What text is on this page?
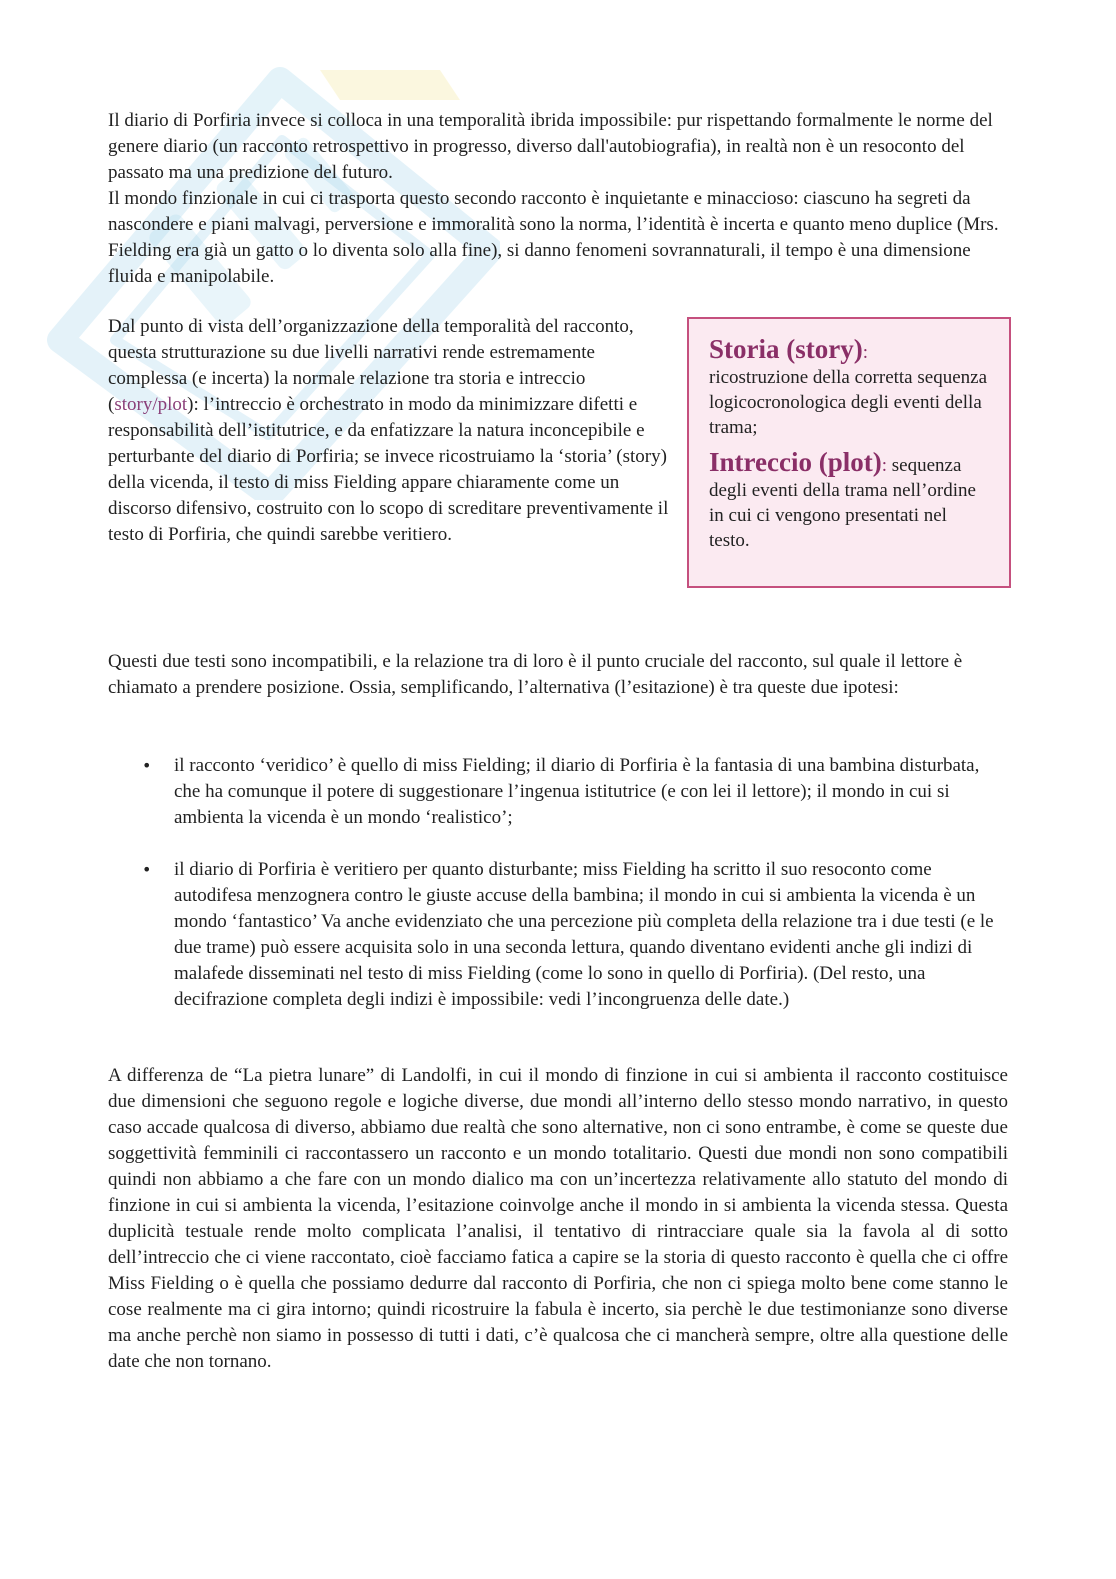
Il diario di Porfiria invece si colloca in una temporalità ibrida impossibile: pur rispettando formalmente le norme del genere diario (un racconto retrospettivo in progresso, diverso dall'autobiografia), in realtà non è un resoconto del passato ma una predizione del futuro.

Il mondo finzionale in cui ci trasporta questo secondo racconto è inquietante e minaccioso: ciascuno ha segreti da nascondere e piani malvagi, perversione e immoralità sono la norma, l’identità è incerta e quanto meno duplice (Mrs. Fielding era già un gatto o lo diventa solo alla fine), si danno fenomeni sovrannaturali, il tempo è una dimensione fluida e manipolabile.

Dal punto di vista dell’organizzazione della temporalità del racconto, questa strutturazione su due livelli narrativi rende estremamente complessa (e incerta) la normale relazione tra storia e intreccio (story/plot): l’intreccio è orchestrato in modo da minimizzare difetti e responsabilità dell’istitutrice, e da enfatizzare la natura inconcepibile e perturbante del diario di Porfiria; se invece ricostruiamo la ‘storia’ (story) della vicenda, il testo di miss Fielding appare chiaramente come un discorso difensivo, costruito con lo scopo di screditare preventivamente il testo di Porfiria, che quindi sarebbe veritiero.

Storia (story):
ricostruzione della corretta sequenza logicocronologica degli eventi della trama;

Intreccio (plot): sequenza degli eventi della trama nell’ordine in cui ci vengono presentati nel testo.

Questi due testi sono incompatibili, e la relazione tra di loro è il punto cruciale del racconto, sul quale il lettore è chiamato a prendere posizione. Ossia, semplificando, l’alternativa (l’esitazione) è tra queste due ipotesi:

• il racconto ‘veridico’ è quello di miss Fielding; il diario di Porfiria è la fantasia di una bambina disturbata, che ha comunque il potere di suggestionare l’ingenua istitutrice (e con lei il lettore); il mondo in cui si ambienta la vicenda è un mondo ‘realistico’;
• il diario di Porfiria è veritiero per quanto disturbante; miss Fielding ha scritto il suo resoconto come autodifesa menzognera contro le giuste accuse della bambina; il mondo in cui si ambienta la vicenda è un mondo ‘fantastico’ Va anche evidenziato che una percezione più completa della relazione tra i due testi (e le due trame) può essere acquisita solo in una seconda lettura, quando diventano evidenti anche gli indizi di malafede disseminati nel testo di miss Fielding (come lo sono in quello di Porfiria). (Del resto, una decifrazione completa degli indizi è impossibile: vedi l’incongruenza delle date.)

A differenza de “La pietra lunare” di Landolfi, in cui il mondo di finzione in cui si ambienta il racconto costituisce due dimensioni che seguono regole e logiche diverse, due mondi all’interno dello stesso mondo narrativo, in questo caso accade qualcosa di diverso, abbiamo due realtà che sono alternative, non ci sono entrambe, è come se queste due soggettività femminili ci raccontassero un racconto e un mondo totalitario. Questi due mondi non sono compatibili quindi non abbiamo a che fare con un mondo dialico ma con un’incertezza relativamente allo statuto del mondo di finzione in cui si ambienta la vicenda, l’esitazione coinvolge anche il mondo in si ambienta la vicenda stessa. Questa duplicità testuale rende molto complicata l’analisi, il tentativo di rintracciare quale sia la favola al di sotto dell’intreccio che ci viene raccontato, cioè facciamo fatica a capire se la storia di questo racconto è quella che ci offre Miss Fielding o è quella che possiamo dedurre dal racconto di Porfiria, che non ci spiega molto bene come stanno le cose realmente ma ci gira intorno; quindi ricostruire la fabula è incerto, sia perchè le due testimonianze sono diverse ma anche perchè non siamo in possesso di tutti i dati, c’è qualcosa che ci mancherà sempre, oltre alla questione delle date che non tornano.
